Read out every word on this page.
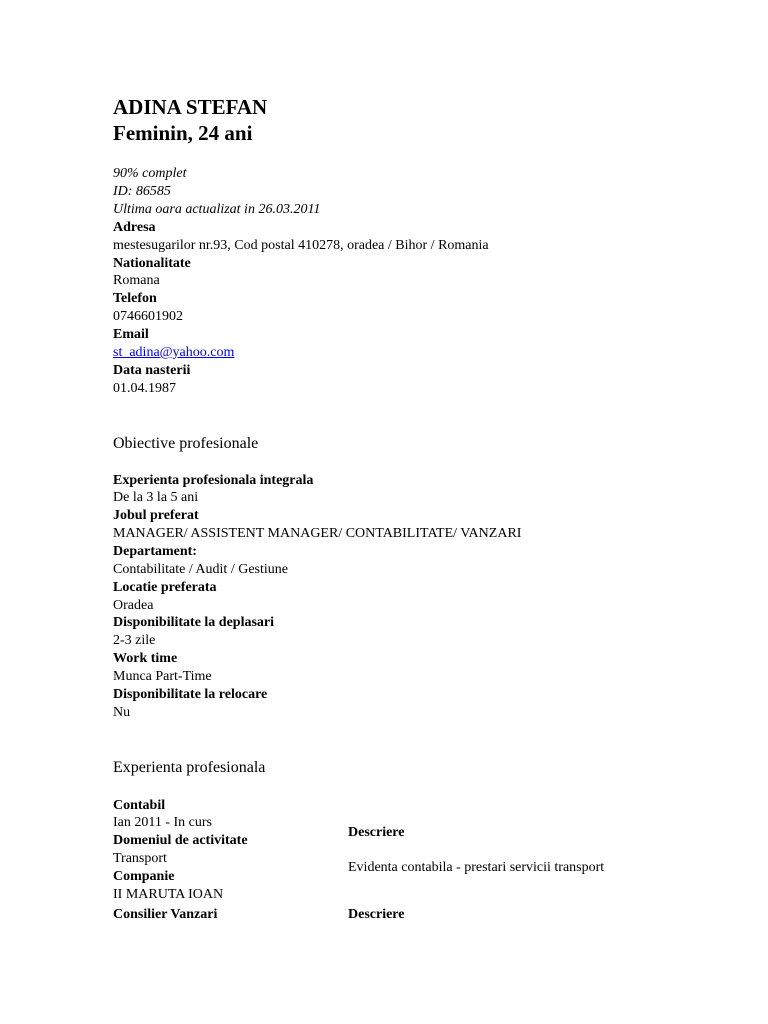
ADINA STEFAN
Feminin, 24 ani
90% complet
ID: 86585
Ultima oara actualizat in 26.03.2011
Adresa
mestesugarilor nr.93, Cod postal 410278, oradea / Bihor / Romania
Nationalitate
Romana
Telefon
0746601902
Email
st_adina@yahoo.com
Data nasterii
01.04.1987
Obiective profesionale
Experienta profesionala integrala
De la 3 la 5 ani
Jobul preferat
MANAGER/ ASSISTENT MANAGER/ CONTABILITATE/ VANZARI
Departament:
Contabilitate / Audit / Gestiune
Locatie preferata
Oradea
Disponibilitate la deplasari
2-3 zile
Work time
Munca Part-Time
Disponibilitate la relocare
Nu
Experienta profesionala
Contabil
Ian 2011 - In curs
Domeniul de activitate
Transport
Companie
II MARUTA IOAN
Descriere
Evidenta contabila - prestari servicii transport
Consilier Vanzari	Descriere
